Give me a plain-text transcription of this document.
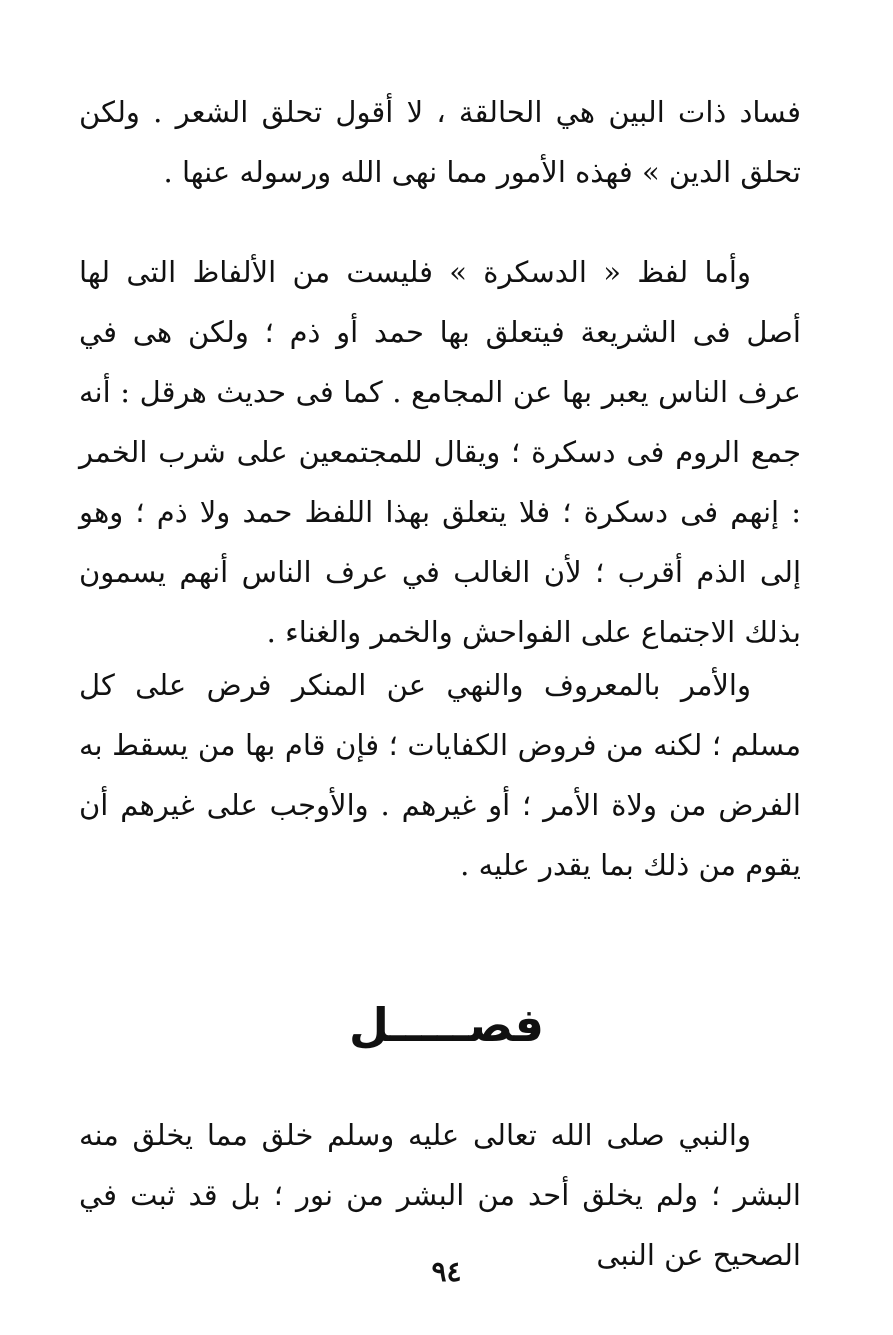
فساد ذات البين هي الحالقة ، لا أقول تحلق الشعر . ولكن تحلق الدين » فهذه الأمور مما نهى الله ورسوله عنها .

وأما لفظ « الدسكرة » فليست من الألفاظ التى لها أصل فى الشريعة فيتعلق بها حمد أو ذم ؛ ولكن هى في عرف الناس يعبر بها عن المجامع . كما فى حديث هرقل : أنه جمع الروم فى دسكرة ؛ ويقال للمجتمعين على شرب الخمر : إنهم فى دسكرة ؛ فلا يتعلق بهذا اللفظ حمد ولا ذم ؛ وهو إلى الذم أقرب ؛ لأن الغالب في عرف الناس أنهم يسمون بذلك الاجتماع على الفواحش والخمر والغناء .

والأمر بالمعروف والنهي عن المنكر فرض على كل مسلم ؛ لكنه من فروض الكفايات ؛ فإن قام بها من يسقط به الفرض من ولاة الأمر ؛ أو غيرهم . والأوجب على غيرهم أن يقوم من ذلك بما يقدر عليه .

فصـــــل

والنبي صلى الله تعالى عليه وسلم خلق مما يخلق منه البشر ؛ ولم يخلق أحد من البشر من نور ؛ بل قد ثبت في الصحيح عن النبى

٩٤
